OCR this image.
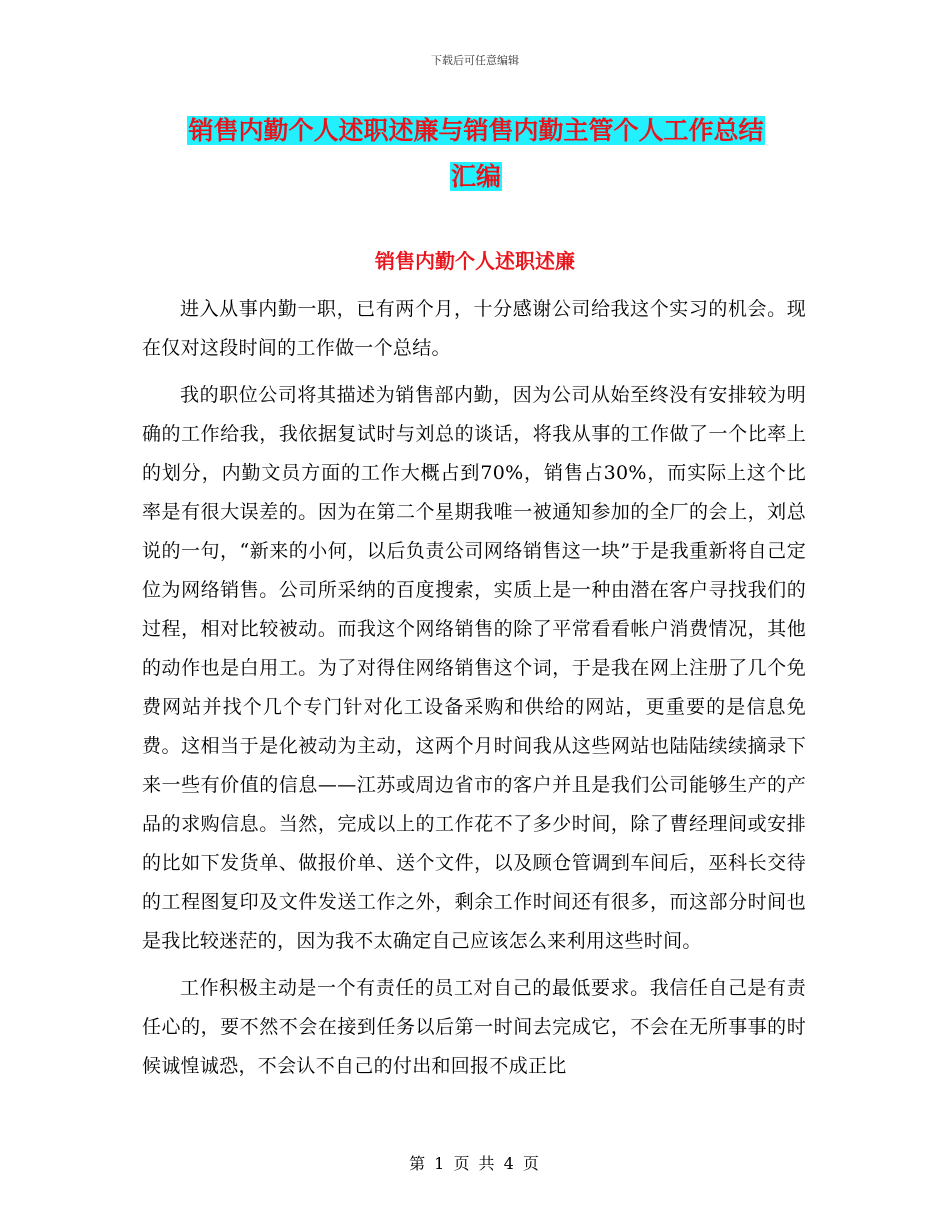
下载后可任意编辑
销售内勤个人述职述廉与销售内勤主管个人工作总结
汇编
销售内勤个人述职述廉

进入从事内勤一职，已有两个月，十分感谢公司给我这个实习的机会。现在仅对这段时间的工作做一个总结。

我的职位公司将其描述为销售部内勤，因为公司从始至终没有安排较为明确的工作给我，我依据复试时与刘总的谈话，将我从事的工作做了一个比率上的划分，内勤文员方面的工作大概占到70%，销售占30%，而实际上这个比率是有很大误差的。因为在第二个星期我唯一被通知参加的全厂的会上，刘总说的一句，“新来的小何，以后负责公司网络销售这一块”于是我重新将自己定位为网络销售。公司所采纳的百度搜索，实质上是一种由潜在客户寻找我们的过程，相对比较被动。而我这个网络销售的除了平常看看帐户消费情况，其他的动作也是白用工。为了对得住网络销售这个词，于是我在网上注册了几个免费网站并找个几个专门针对化工设备采购和供给的网站，更重要的是信息免费。这相当于是化被动为主动，这两个月时间我从这些网站也陆陆续续摘录下来一些有价值的信息——江苏或周边省市的客户并且是我们公司能够生产的产品的求购信息。当然，完成以上的工作花不了多少时间，除了曹经理间或安排的比如下发货单、做报价单、送个文件，以及顾仓管调到车间后，巫科长交待的工程图复印及文件发送工作之外，剩余工作时间还有很多，而这部分时间也是我比较迷茫的，因为我不太确定自己应该怎么来利用这些时间。

工作积极主动是一个有责任的员工对自己的最低要求。我信任自己是有责任心的，要不然不会在接到任务以后第一时间去完成它，不会在无所事事的时候诚惶诚恐，不会认不自己的付出和回报不成正比

第 1 页 共 4 页
